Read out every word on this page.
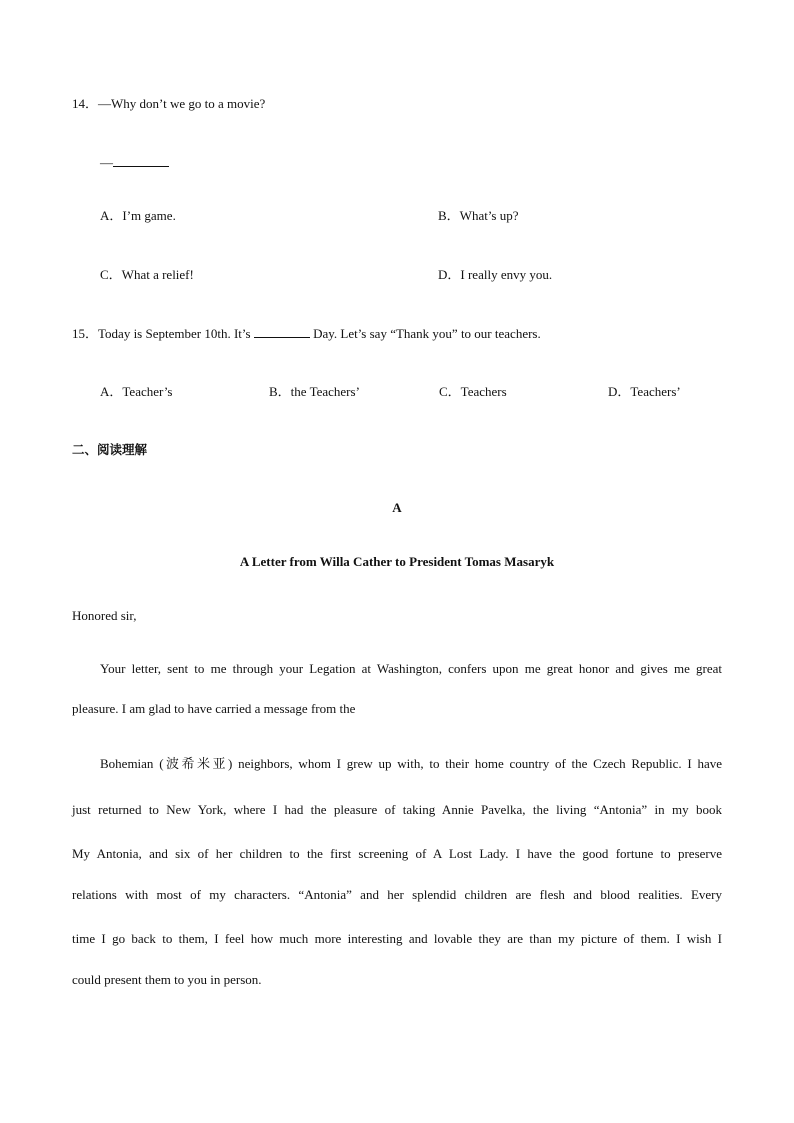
14．—Why don’t we go to a movie?
—
A．I’m game.	B．What’s up?
C．What a relief!	D．I really envy you.
15．Today is September 10th. It’s	Day. Let’s say “Thank you” to our teachers.
A．Teacher’s	B．the Teachers’	C．Teachers	D．Teachers’
二、阅读理解
A
A Letter from Willa Cather to President Tomas Masaryk
Honored sir,
Your letter, sent to me through your Legation at Washington, confers upon me great honor and gives me great
pleasure. I am glad to have carried a message from the
Bohemian (波希米亚) neighbors, whom I grew up with, to their home country of the Czech Republic. I have
just returned to New York, where I had the pleasure of taking Annie Pavelka, the living “Antonia” in my book
My Antonia, and six of her children to the first screening of A Lost Lady. I have the good fortune to preserve
relations with most of my characters. “Antonia” and her splendid children are flesh and blood realities. Every
time I go back to them, I feel how much more interesting and lovable they are than my picture of them. I wish I
could present them to you in person.
